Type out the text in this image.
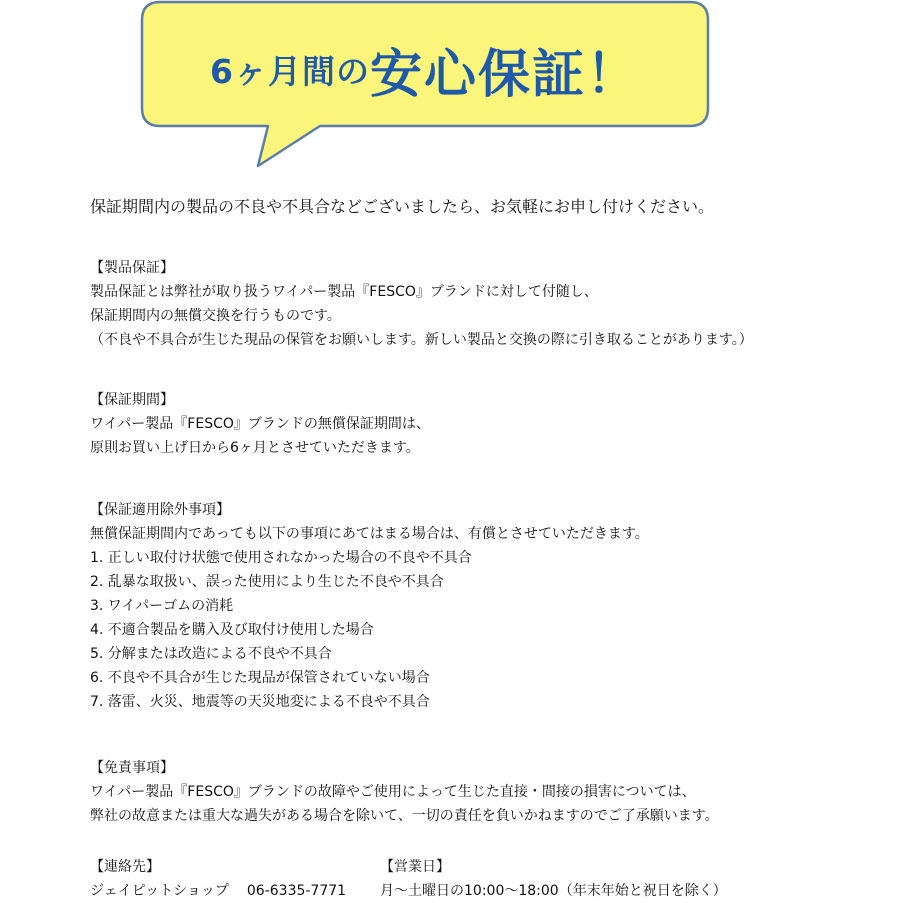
6ヶ月間の 安心保証！
保証期間内の製品の不良や不具合などございましたら、お気軽にお申し付けください。
【製品保証】
製品保証とは弊社が取り扱うワイパー製品『FESCO』ブランドに対して付随し、
保証期間内の無償交換を行うものです。
（不良や不具合が生じた現品の保管をお願いします。新しい製品と交換の際に引き取ることがあります。）
【保証期間】
ワイパー製品『FESCO』ブランドの無償保証期間は、
原則お買い上げ日から6ヶ月とさせていただきます。
【保証適用除外事項】
無償保証期間内であっても以下の事項にあてはまる場合は、有償とさせていただきます。
1. 正しい取付け状態で使用されなかった場合の不良や不具合
2. 乱暴な取扱い、誤った使用により生じた不良や不具合
3. ワイパーゴムの消耗
4. 不適合製品を購入及び取付け使用した場合
5. 分解または改造による不良や不具合
6. 不良や不具合が生じた現品が保管されていない場合
7. 落雷、火災、地震等の天災地変による不良や不具合
【免責事項】
ワイパー製品『FESCO』ブランドの故障やご使用によって生じた直接・間接の損害については、
弊社の故意または重大な過失がある場合を除いて、一切の責任を負いかねますのでご了承願います。
【連絡先】
ジェイピットショップ 06-6335-7771
【営業日】
月～土曜日の10:00～18:00（年末年始と祝日を除く）
